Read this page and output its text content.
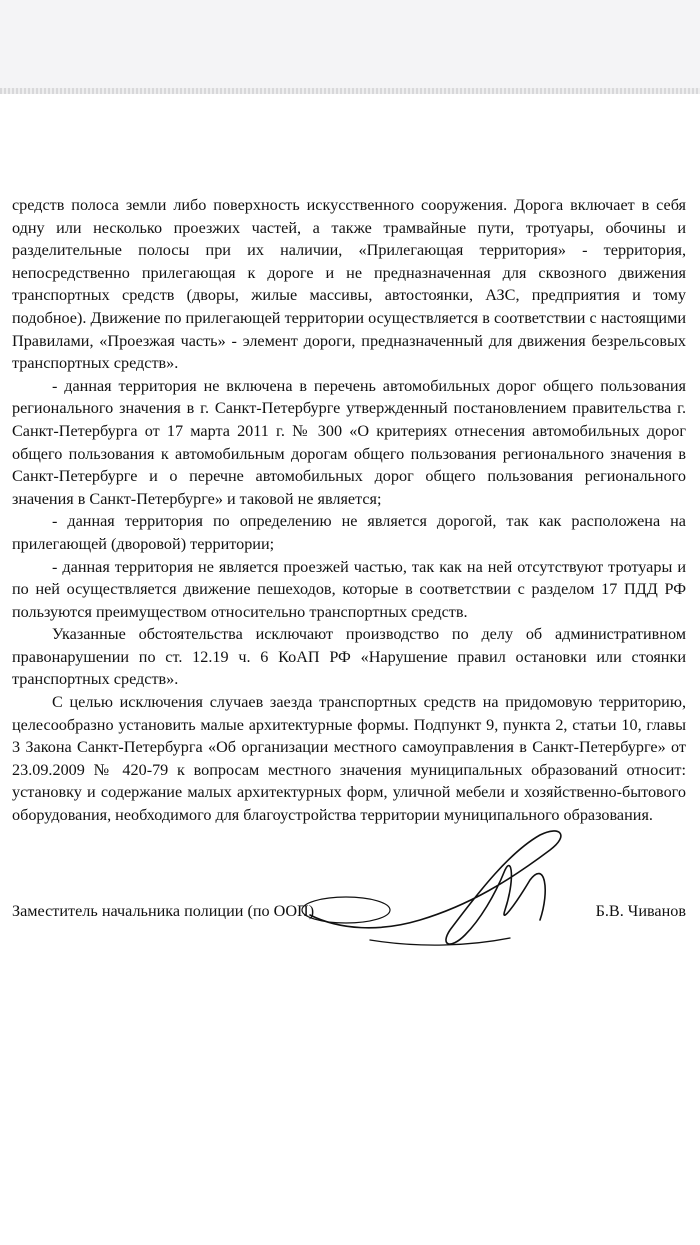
средств полоса земли либо поверхность искусственного сооружения. Дорога включает в себя одну или несколько проезжих частей, а также трамвайные пути, тротуары, обочины и разделительные полосы при их наличии, «Прилегающая территория» - территория, непосредственно прилегающая к дороге и не предназначенная для сквозного движения транспортных средств (дворы, жилые массивы, автостоянки, АЗС, предприятия и тому подобное). Движение по прилегающей территории осуществляется в соответствии с настоящими Правилами, «Проезжая часть» - элемент дороги, предназначенный для движения безрельсовых транспортных средств».

- данная территория не включена в перечень автомобильных дорог общего пользования регионального значения в г. Санкт-Петербурге утвержденный постановлением правительства г. Санкт-Петербурга от 17 марта 2011 г. № 300 «О критериях отнесения автомобильных дорог общего пользования к автомобильным дорогам общего пользования регионального значения в Санкт-Петербурге и о перечне автомобильных дорог общего пользования регионального значения в Санкт-Петербурге» и таковой не является;

- данная территория по определению не является дорогой, так как расположена на прилегающей (дворовой) территории;

- данная территория не является проезжей частью, так как на ней отсутствуют тротуары и по ней осуществляется движение пешеходов, которые в соответствии с разделом 17 ПДД РФ пользуются преимуществом относительно транспортных средств.

Указанные обстоятельства исключают производство по делу об административном правонарушении по ст. 12.19 ч. 6 КоАП РФ «Нарушение правил остановки или стоянки транспортных средств».

С целью исключения случаев заезда транспортных средств на придомовую территорию, целесообразно установить малые архитектурные формы. Подпункт 9, пункта 2, статьи 10, главы 3 Закона Санкт-Петербурга «Об организации местного самоуправления в Санкт-Петербурге» от 23.09.2009 № 420-79 к вопросам местного значения муниципальных образований относит: установку и содержание малых архитектурных форм, уличной мебели и хозяйственно-бытового оборудования, необходимого для благоустройства территории муниципального образования.

Заместитель начальника полиции (по ООП)	Б.В. Чиванов
